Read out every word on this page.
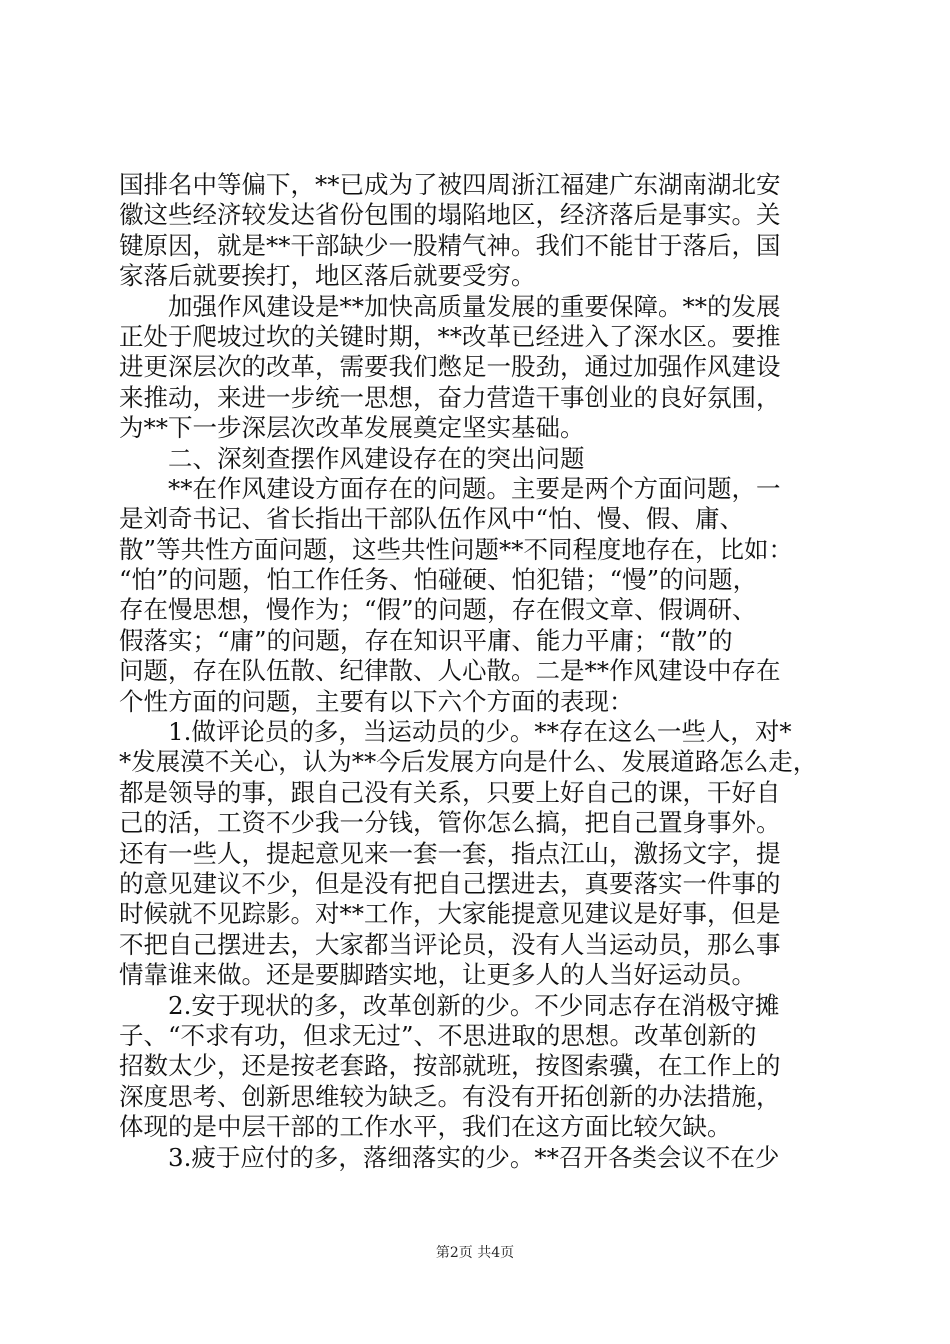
国排名中等偏下，**已成为了被四周浙江福建广东湖南湖北安
徽这些经济较发达省份包围的塌陷地区，经济落后是事实。关
键原因，就是**干部缺少一股精气神。我们不能甘于落后，国
家落后就要挨打，地区落后就要受穷。
　　加强作风建设是**加快高质量发展的重要保障。**的发展
正处于爬坡过坎的关键时期，**改革已经进入了深水区。要推
进更深层次的改革，需要我们憋足一股劲，通过加强作风建设
来推动，来进一步统一思想，奋力营造干事创业的良好氛围，
为**下一步深层次改革发展奠定坚实基础。
　　二、深刻查摆作风建设存在的突出问题
　　**在作风建设方面存在的问题。主要是两个方面问题，一
是刘奇书记、省长指出干部队伍作风中“怕、慢、假、庸、
散”等共性方面问题，这些共性问题**不同程度地存在，比如：
“怕”的问题，怕工作任务、怕碰硬、怕犯错；“慢”的问题，
存在慢思想，慢作为；“假”的问题，存在假文章、假调研、
假落实；“庸”的问题，存在知识平庸、能力平庸；“散”的
问题，存在队伍散、纪律散、人心散。二是**作风建设中存在
个性方面的问题，主要有以下六个方面的表现：
　　1.做评论员的多，当运动员的少。**存在这么一些人，对*
*发展漠不关心，认为**今后发展方向是什么、发展道路怎么走，
都是领导的事，跟自己没有关系，只要上好自己的课，干好自
己的活，工资不少我一分钱，管你怎么搞，把自己置身事外。
还有一些人，提起意见来一套一套，指点江山，激扬文字，提
的意见建议不少，但是没有把自己摆进去，真要落实一件事的
时候就不见踪影。对**工作，大家能提意见建议是好事，但是
不把自己摆进去，大家都当评论员，没有人当运动员，那么事
情靠谁来做。还是要脚踏实地，让更多人的人当好运动员。
　　2.安于现状的多，改革创新的少。不少同志存在消极守摊
子、“不求有功，但求无过”、不思进取的思想。改革创新的
招数太少，还是按老套路，按部就班，按图索骥，在工作上的
深度思考、创新思维较为缺乏。有没有开拓创新的办法措施，
体现的是中层干部的工作水平，我们在这方面比较欠缺。
　　3.疲于应付的多，落细落实的少。**召开各类会议不在少
第2页 共4页
